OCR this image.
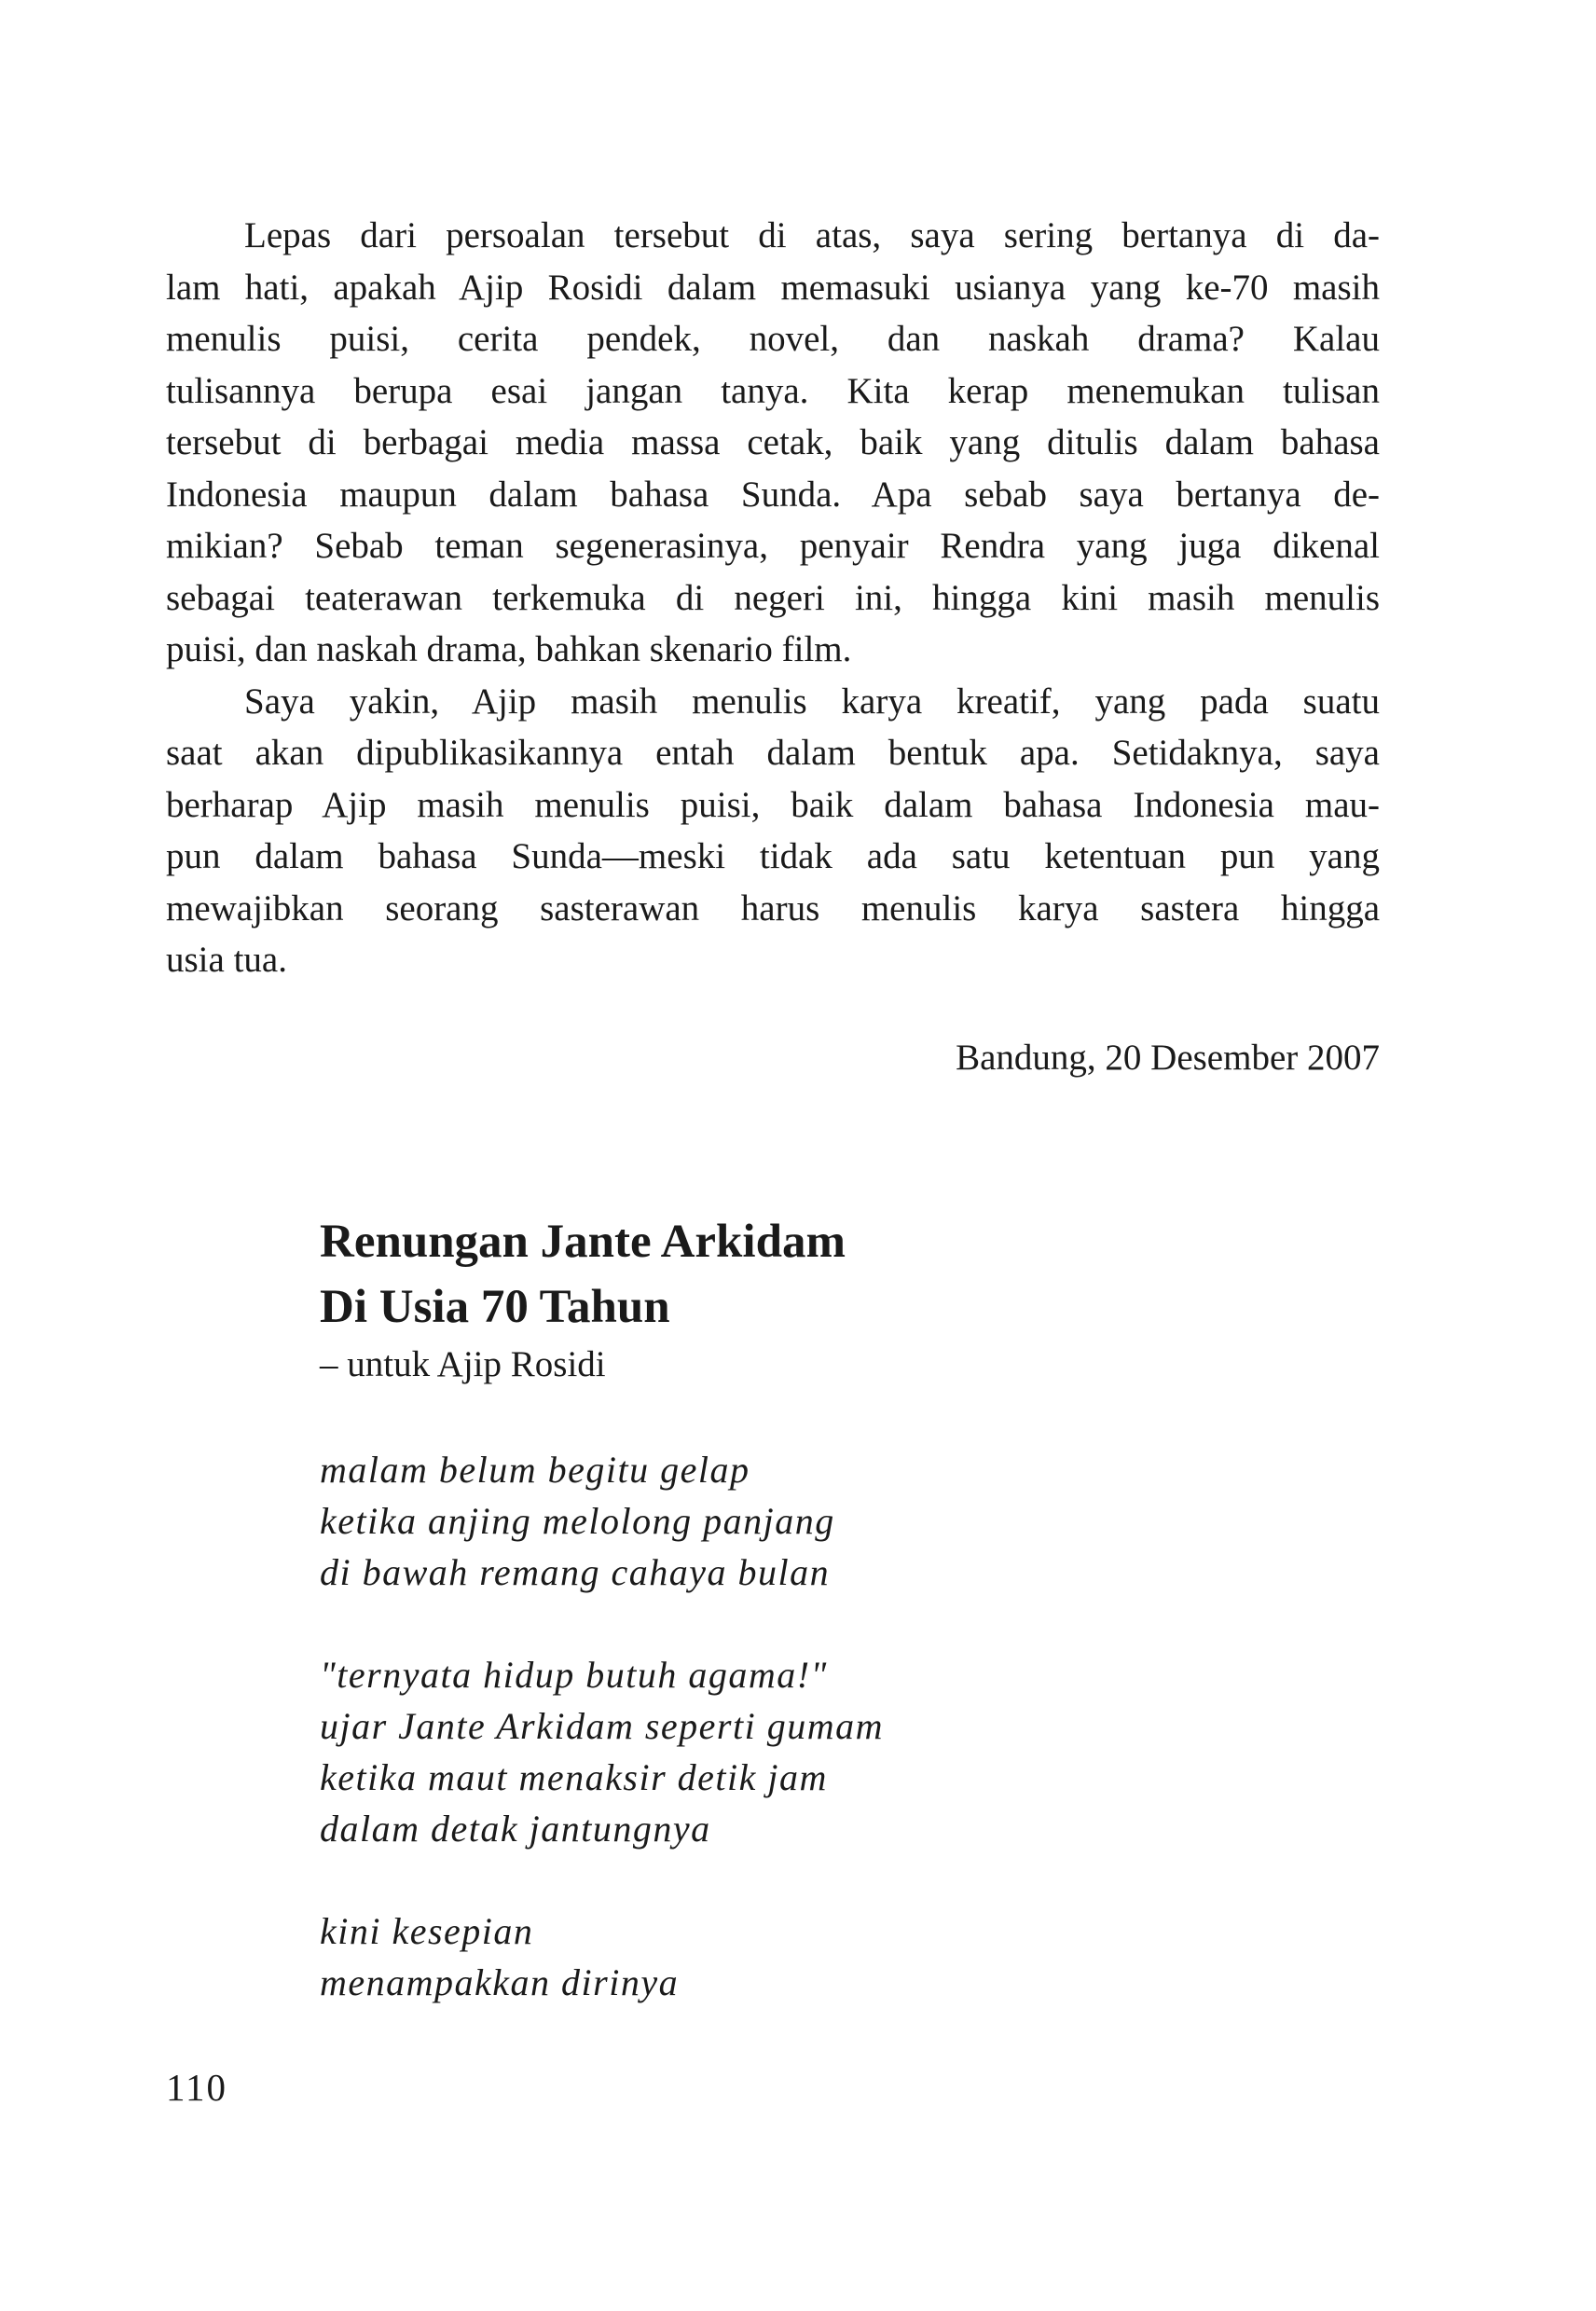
Lepas dari persoalan tersebut di atas, saya sering bertanya di da-
lam hati, apakah Ajip Rosidi dalam memasuki usianya yang ke-70 masih
menulis puisi, cerita pendek, novel, dan naskah drama? Kalau
tulisannya berupa esai jangan tanya. Kita kerap menemukan tulisan
tersebut di berbagai media massa cetak, baik yang ditulis dalam bahasa
Indonesia maupun dalam bahasa Sunda. Apa sebab saya bertanya de-
mikian? Sebab teman segenerasinya, penyair Rendra yang juga dikenal
sebagai teaterawan terkemuka di negeri ini, hingga kini masih menulis
puisi, dan naskah drama, bahkan skenario film.
Saya yakin, Ajip masih menulis karya kreatif, yang pada suatu
saat akan dipublikasikannya entah dalam bentuk apa. Setidaknya, saya
berharap Ajip masih menulis puisi, baik dalam bahasa Indonesia mau-
pun dalam bahasa Sunda—meski tidak ada satu ketentuan pun yang
mewajibkan seorang sasterawan harus menulis karya sastera hingga
usia tua.
Bandung, 20 Desember 2007
Renungan Jante Arkidam
Di Usia 70 Tahun
– untuk Ajip Rosidi
malam belum begitu gelap
ketika anjing melolong panjang
di bawah remang cahaya bulan
"ternyata hidup butuh agama!"
ujar Jante Arkidam seperti gumam
ketika maut menaksir detik jam
dalam detak jantungnya
kini kesepian
menampakkan dirinya
110
